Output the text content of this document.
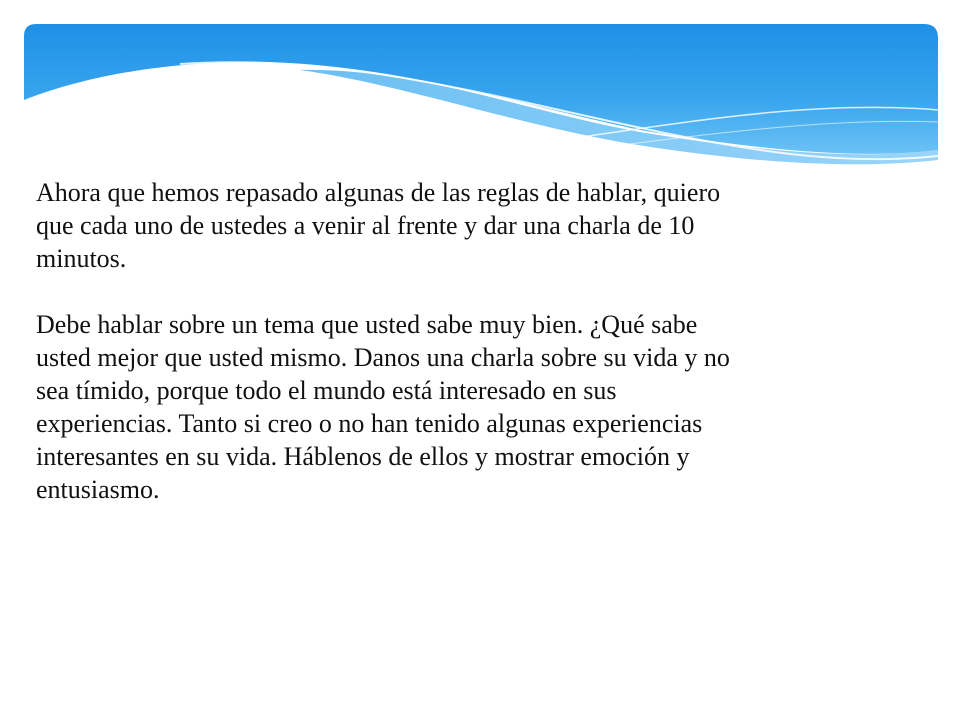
Ahora que hemos repasado algunas de las reglas de hablar, quiero
que cada uno de ustedes a venir al frente y dar una charla de 10
minutos.

Debe hablar sobre un tema que usted sabe muy bien. ¿Qué sabe
usted mejor que usted mismo. Danos una charla sobre su vida y no
sea tímido, porque todo el mundo está interesado en sus
experiencias. Tanto si creo o no han tenido algunas experiencias
interesantes en su vida. Háblenos de ellos y mostrar emoción y
entusiasmo.
